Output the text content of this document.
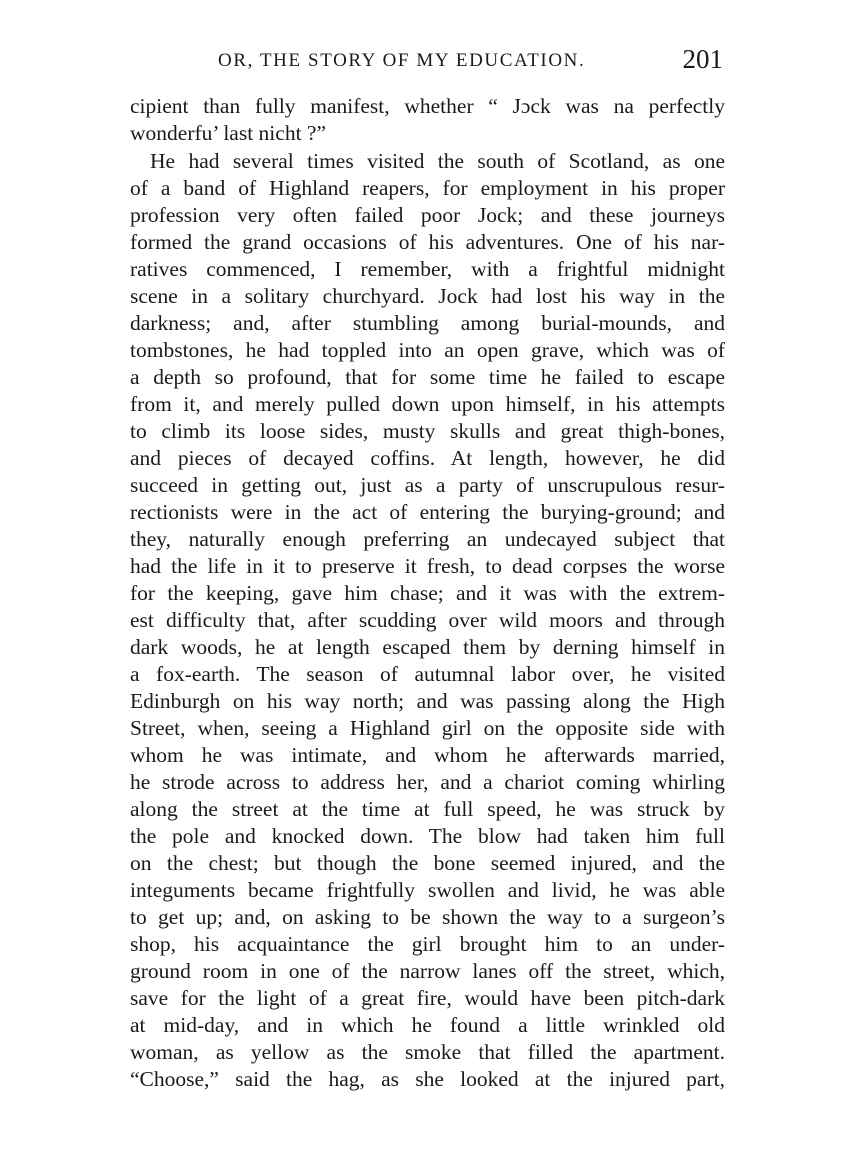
OR, THE STORY OF MY EDUCATION.	201
cipient than fully manifest, whether “ Jɔck was na perfectly
wonderfu’ last nicht ?”
He had several times visited the south of Scotland, as one
of a band of Highland reapers, for employment in his proper
profession very often failed poor Jock; and these journeys
formed the grand occasions of his adventures. One of his nar-
ratives commenced, I remember, with a frightful midnight
scene in a solitary churchyard. Jock had lost his way in the
darkness; and, after stumbling among burial-mounds, and
tombstones, he had toppled into an open grave, which was of
a depth so profound, that for some time he failed to escape
from it, and merely pulled down upon himself, in his attempts
to climb its loose sides, musty skulls and great thigh-bones,
and pieces of decayed coffins. At length, however, he did
succeed in getting out, just as a party of unscrupulous resur-
rectionists were in the act of entering the burying-ground; and
they, naturally enough preferring an undecayed subject that
had the life in it to preserve it fresh, to dead corpses the worse
for the keeping, gave him chase; and it was with the extrem-
est difficulty that, after scudding over wild moors and through
dark woods, he at length escaped them by derning himself in
a fox-earth. The season of autumnal labor over, he visited
Edinburgh on his way north; and was passing along the High
Street, when, seeing a Highland girl on the opposite side with
whom he was intimate, and whom he afterwards married,
he strode across to address her, and a chariot coming whirling
along the street at the time at full speed, he was struck by
the pole and knocked down. The blow had taken him full
on the chest; but though the bone seemed injured, and the
integuments became frightfully swollen and livid, he was able
to get up; and, on asking to be shown the way to a surgeon’s
shop, his acquaintance the girl brought him to an under-
ground room in one of the narrow lanes off the street, which,
save for the light of a great fire, would have been pitch-dark
at mid-day, and in which he found a little wrinkled old
woman, as yellow as the smoke that filled the apartment.
“Choose,” said the hag, as she looked at the injured part,
